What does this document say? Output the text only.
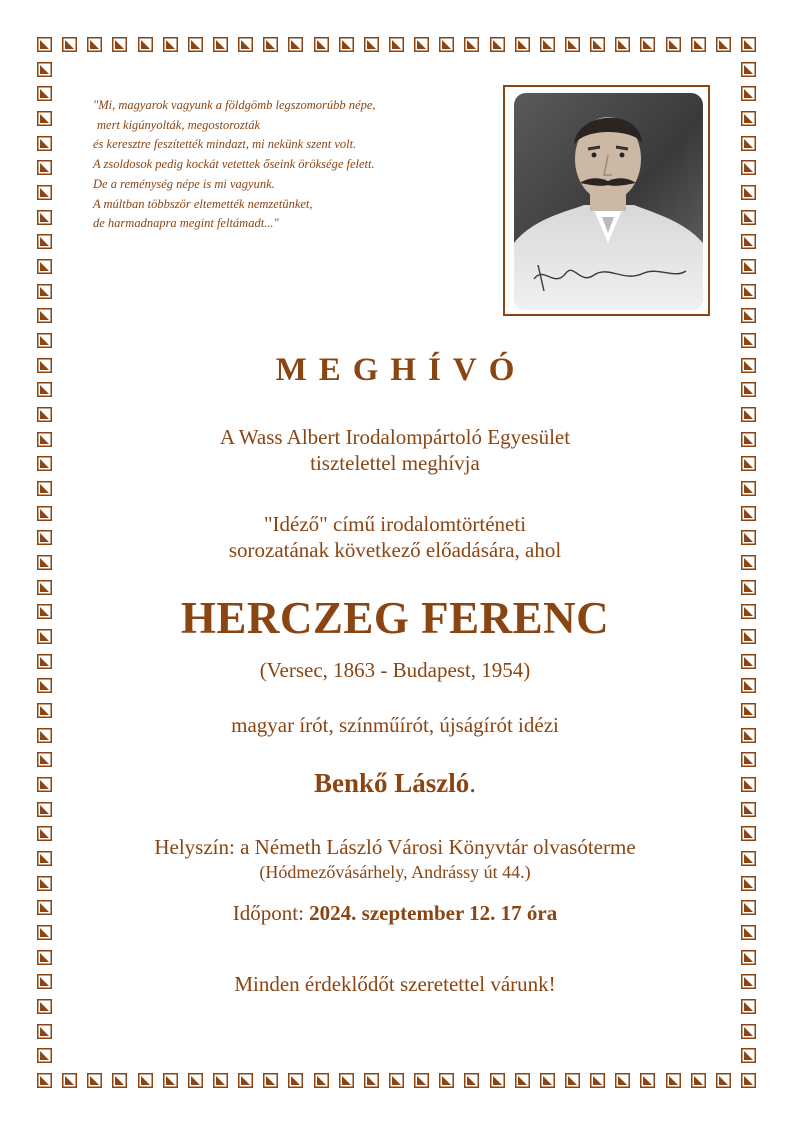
"Mi, magyarok vagyunk a földgömb legszomorúbb népe,
mert kigúnyolták, megostorozták
és keresztre feszítették mindazt, mi nekünk szent volt.
A zsoldosok pedig kockát vetettek őseink öröksége felett.
De a reménység népe is mi vagyunk.
A múltban többször eltemették nemzetünket,
de harmadnapra megint feltámadt..."
MEGHÍVÓ
A Wass Albert Irodalompártoló Egyesület
tisztelettel meghívja
"Idéző" című irodalomtörténeti
sorozatának következő előadására, ahol
HERCZEG FERENC
(Versec, 1863 - Budapest, 1954)
magyar írót, színműírót, újságírót idézi
Benkő László.
Helyszín: a Németh László Városi Könyvtár olvasóterme
(Hódmezővásárhely, Andrássy út 44.)
Időpont: 2024. szeptember 12. 17 óra
Minden érdeklődőt szeretettel várunk!
